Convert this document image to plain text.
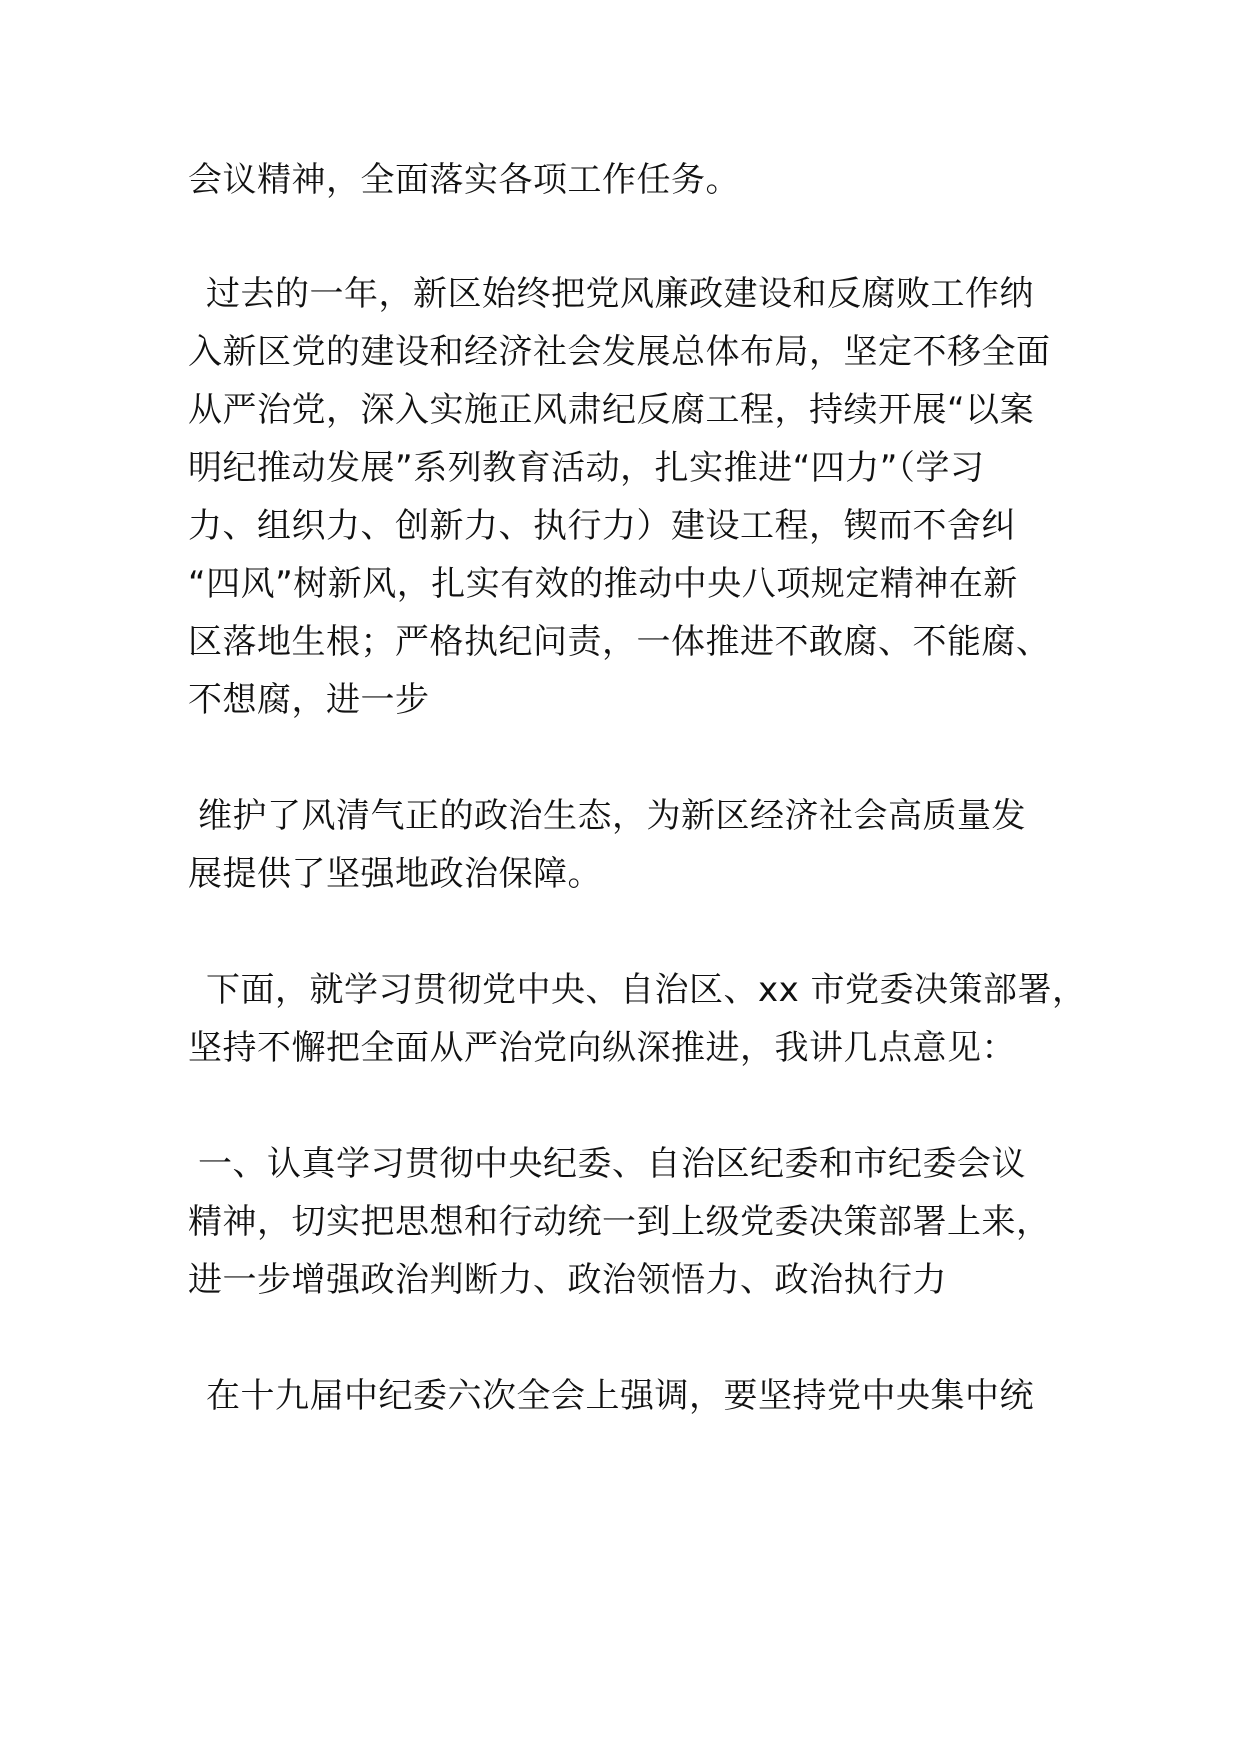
会议精神，全面落实各项工作任务。
过去的一年，新区始终把党风廉政建设和反腐败工作纳
入新区党的建设和经济社会发展总体布局，坚定不移全面
从严治党，深入实施正风肃纪反腐工程，持续开展“以案
明纪推动发展”系列教育活动，扎实推进“四力”（学习
力、组织力、创新力、执行力）建设工程，锲而不舍纠
“四风”树新风，扎实有效的推动中央八项规定精神在新
区落地生根；严格执纪问责，一体推进不敢腐、不能腐、
不想腐，进一步
维护了风清气正的政治生态，为新区经济社会高质量发
展提供了坚强地政治保障。
下面，就学习贯彻党中央、自治区、xx 市党委决策部署，
坚持不懈把全面从严治党向纵深推进，我讲几点意见：
一、认真学习贯彻中央纪委、自治区纪委和市纪委会议
精神，切实把思想和行动统一到上级党委决策部署上来，
进一步增强政治判断力、政治领悟力、政治执行力
在十九届中纪委六次全会上强调，要坚持党中央集中统
